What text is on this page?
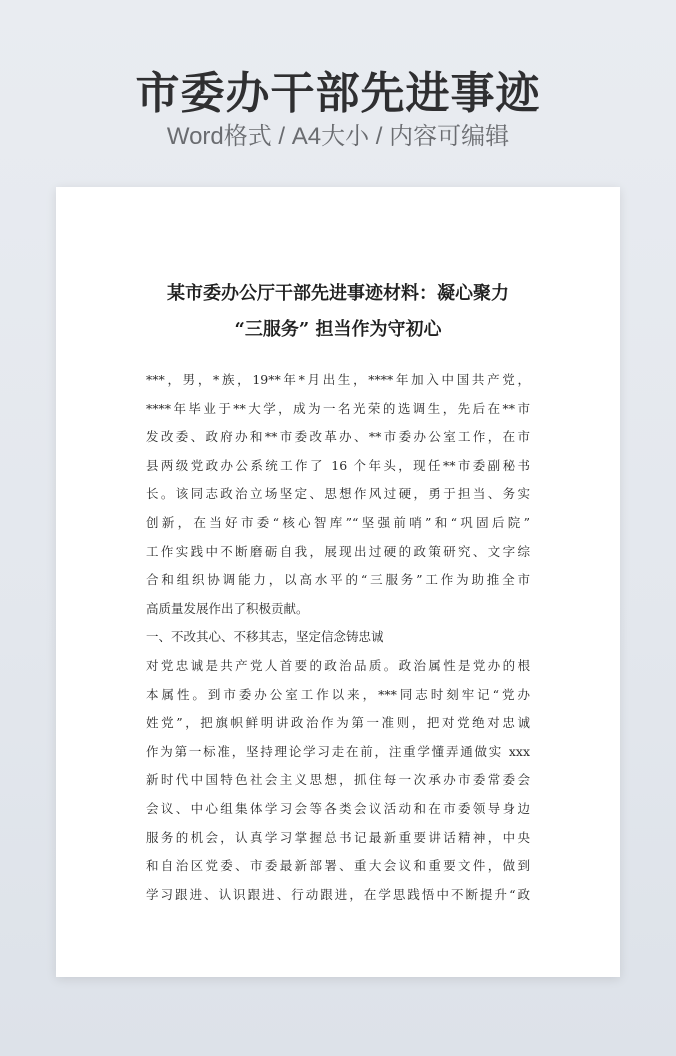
市委办干部先进事迹
Word格式 / A4大小 / 内容可编辑
某市委办公厅干部先进事迹材料：凝心聚力
“三服务” 担当作为守初心
***，男，*族，19**年*月出生，****年加入中国共产党，
****年毕业于**大学，成为一名光荣的选调生，先后在**市
发改委、政府办和**市委改革办、**市委办公室工作，在市
县两级党政办公系统工作了 16 个年头，现任**市委副秘书
长。该同志政治立场坚定、思想作风过硬，勇于担当、务实
创新，在当好市委“核心智库”“坚强前哨”和“巩固后院”
工作实践中不断磨砺自我，展现出过硬的政策研究、文字综
合和组织协调能力，以高水平的“三服务”工作为助推全市
高质量发展作出了积极贡献。
一、不改其心、不移其志，坚定信念铸忠诚
对党忠诚是共产党人首要的政治品质。政治属性是党办的根
本属性。到市委办公室工作以来，***同志时刻牢记“党办
姓党”，把旗帜鲜明讲政治作为第一准则，把对党绝对忠诚
作为第一标准，坚持理论学习走在前，注重学懂弄通做实 xxx
新时代中国特色社会主义思想，抓住每一次承办市委常委会
会议、中心组集体学习会等各类会议活动和在市委领导身边
服务的机会，认真学习掌握总书记最新重要讲话精神，中央
和自治区党委、市委最新部署、重大会议和重要文件，做到
学习跟进、认识跟进、行动跟进，在学思践悟中不断提升“政
